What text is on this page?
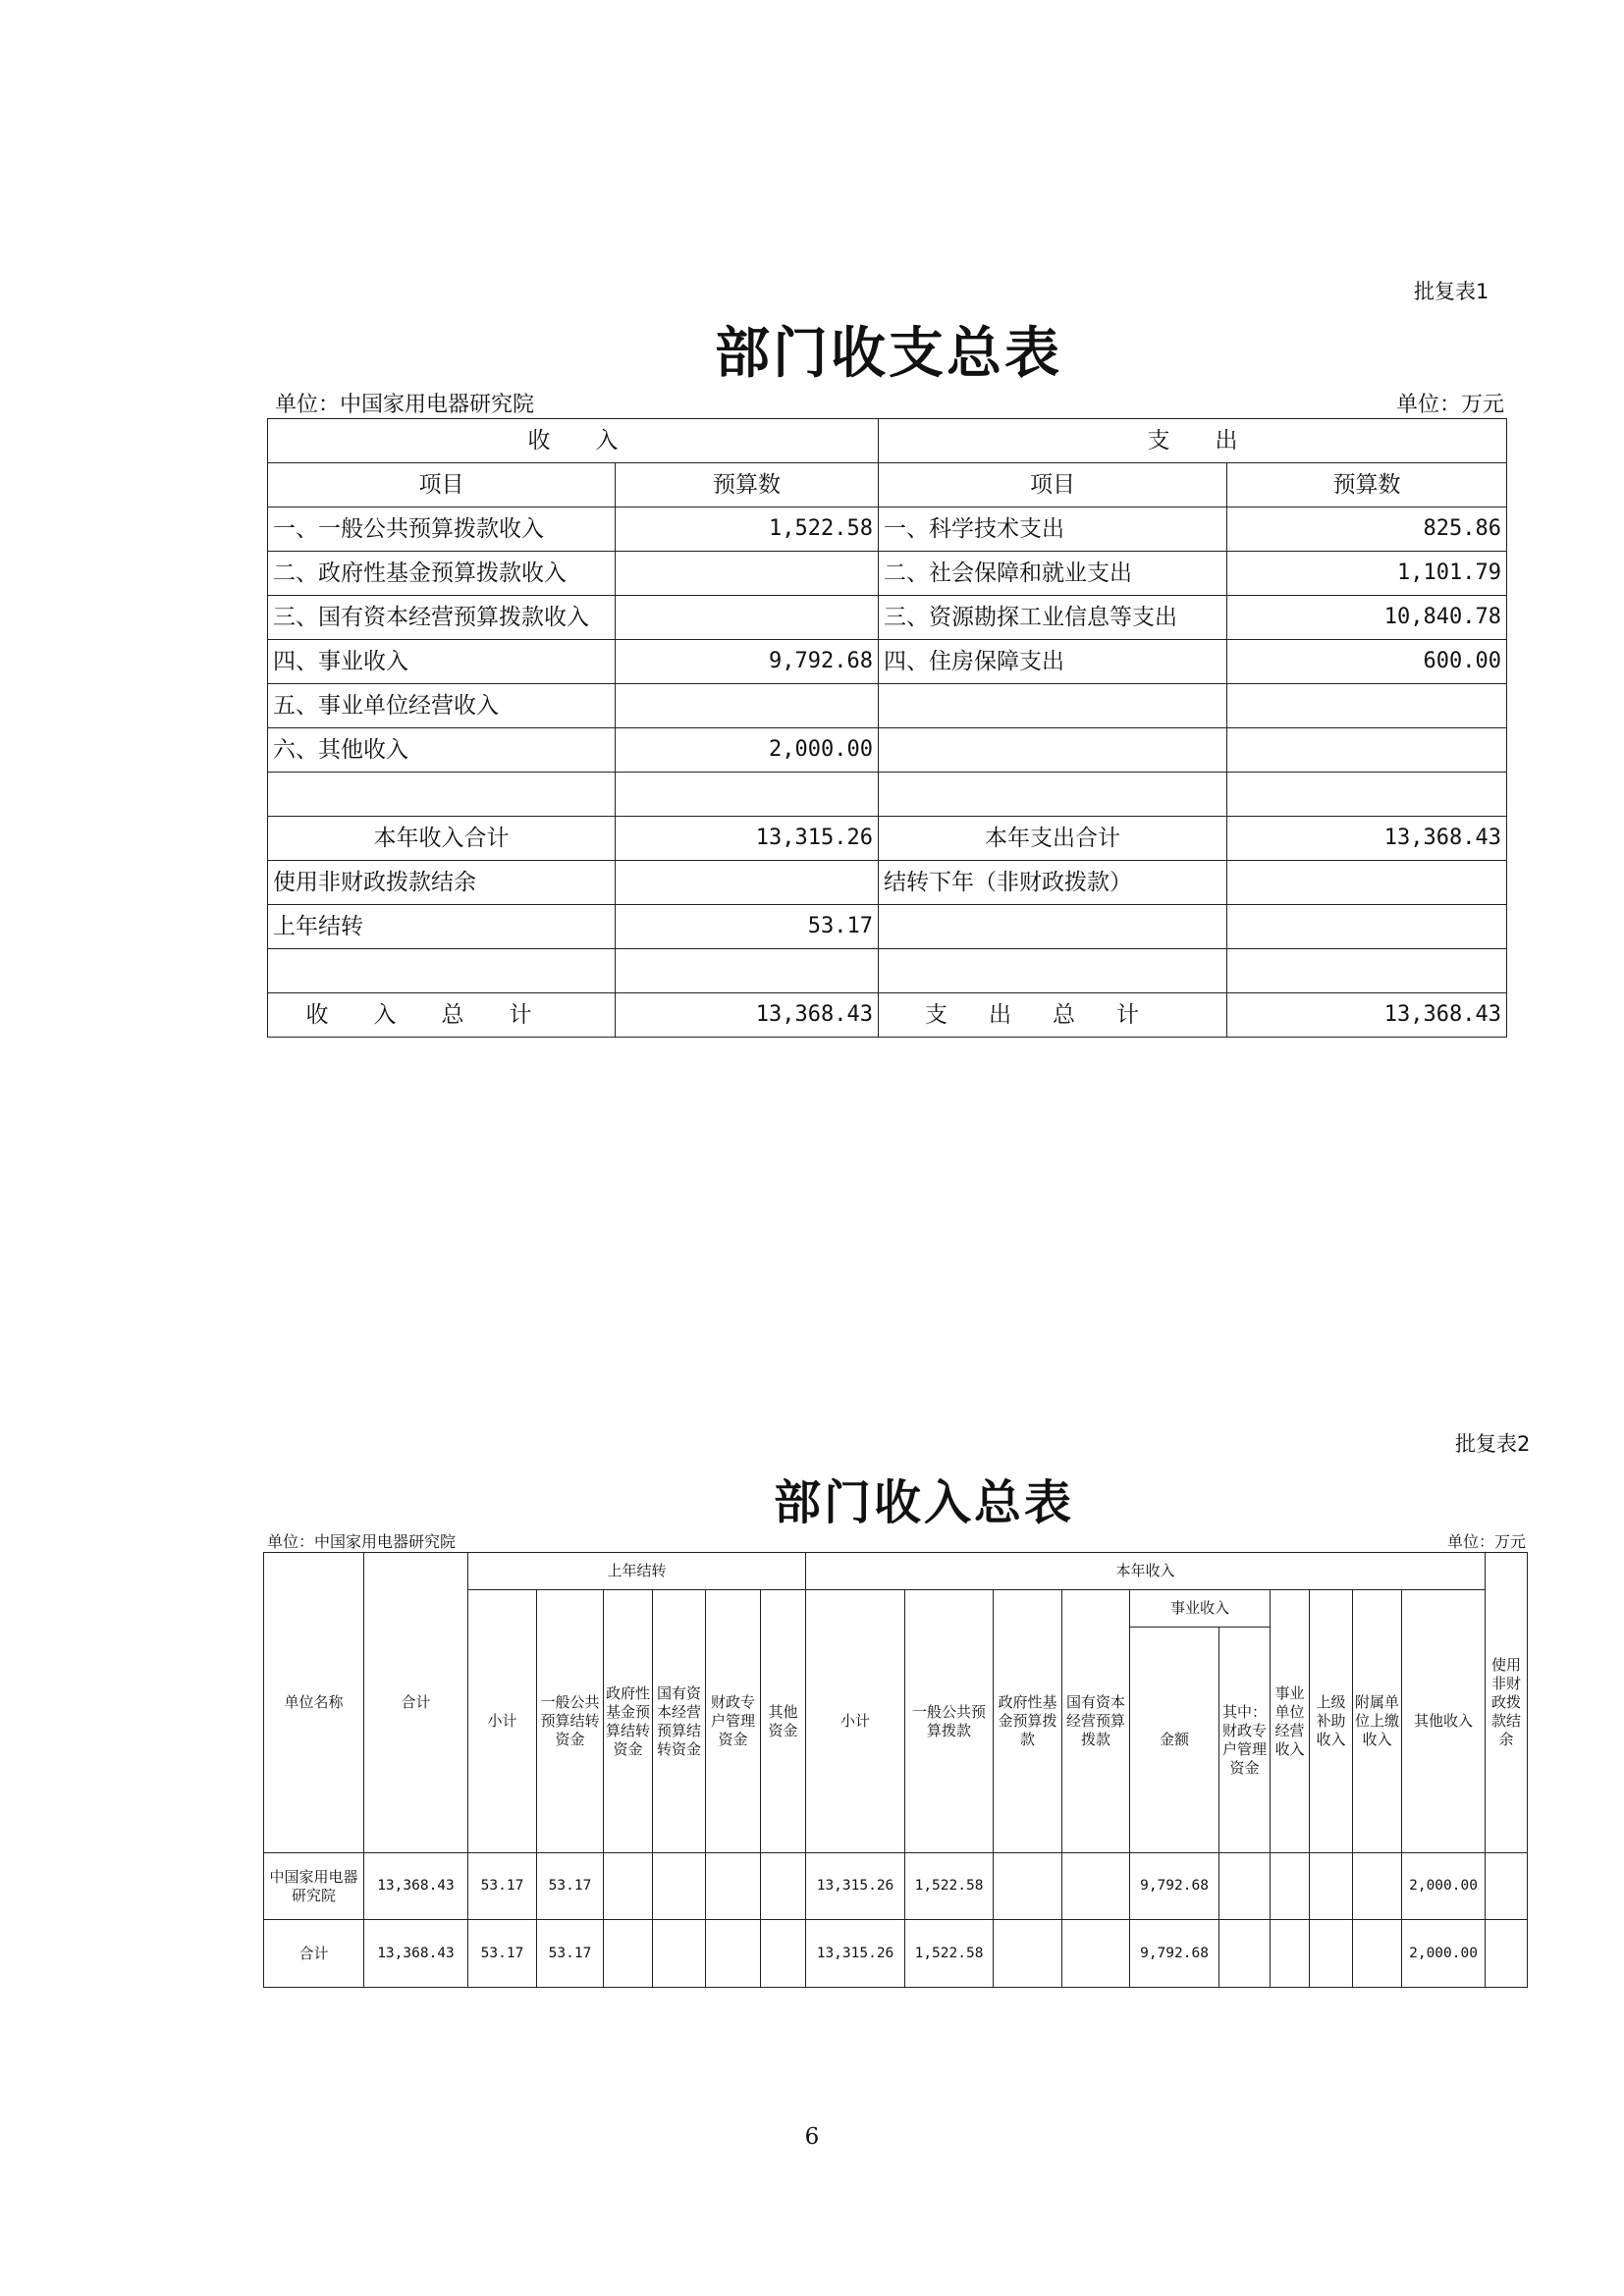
批复表1
部门收支总表
单位：中国家用电器研究院	单位：万元
收　　入		支　　出	
项目	预算数	项目	预算数
一、一般公共预算拨款收入	1,522.58	一、科学技术支出	825.86
二、政府性基金预算拨款收入		二、社会保障和就业支出	1,101.79
三、国有资本经营预算拨款收入		三、资源勘探工业信息等支出	10,840.78
四、事业收入	9,792.68	四、住房保障支出	600.00
五、事业单位经营收入			
六、其他收入	2,000.00		

本年收入合计	13,315.26	本年支出合计	13,368.43
使用非财政拨款结余		结转下年（非财政拨款）	
上年结转	53.17		

收入总计	13,368.43	支出总计	13,368.43
批复表2
部门收入总表
单位：中国家用电器研究院	单位：万元
单位名称	合计	上年结转						本年收入										使用非财政拨款结余
		小计	一般公共预算结转资金	政府性基金预算结转资金	国有资本经营预算结转资金	财政专户管理资金	其他资金	小计	一般公共预算拨款	政府性基金预算拨款	国有资本经营预算拨款	事业收入		事业单位经营收入	上级补助收入	附属单位上缴收入	其他收入	
												金额	其中：财政专户管理资金					
中国家用电器研究院	13,368.43	53.17	53.17					13,315.26	1,522.58			9,792.68					2,000.00	
合计	13,368.43	53.17	53.17					13,315.26	1,522.58			9,792.68					2,000.00	
6
